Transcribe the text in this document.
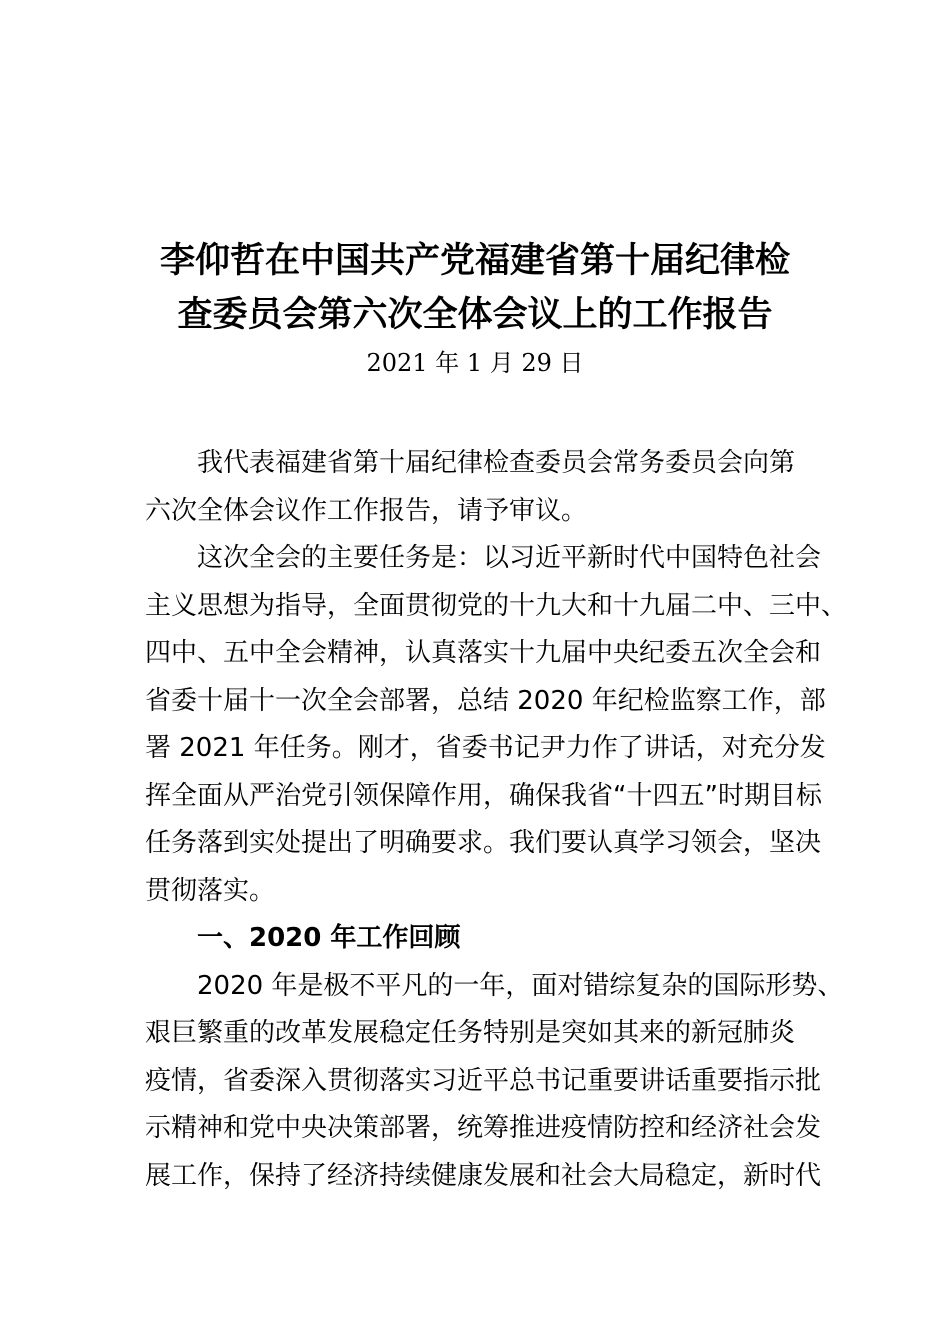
李仰哲在中国共产党福建省第十届纪律检
查委员会第六次全体会议上的工作报告
2021 年 1 月 29 日
我代表福建省第十届纪律检查委员会常务委员会向第
六次全体会议作工作报告，请予审议。
这次全会的主要任务是：以习近平新时代中国特色社会
主义思想为指导，全面贯彻党的十九大和十九届二中、三中、
四中、五中全会精神，认真落实十九届中央纪委五次全会和
省委十届十一次全会部署，总结 2020 年纪检监察工作，部
署 2021 年任务。刚才，省委书记尹力作了讲话，对充分发
挥全面从严治党引领保障作用，确保我省“十四五”时期目标
任务落到实处提出了明确要求。我们要认真学习领会，坚决
贯彻落实。
一、2020 年工作回顾
2020 年是极不平凡的一年，面对错综复杂的国际形势、
艰巨繁重的改革发展稳定任务特别是突如其来的新冠肺炎
疫情，省委深入贯彻落实习近平总书记重要讲话重要指示批
示精神和党中央决策部署，统筹推进疫情防控和经济社会发
展工作，保持了经济持续健康发展和社会大局稳定，新时代
